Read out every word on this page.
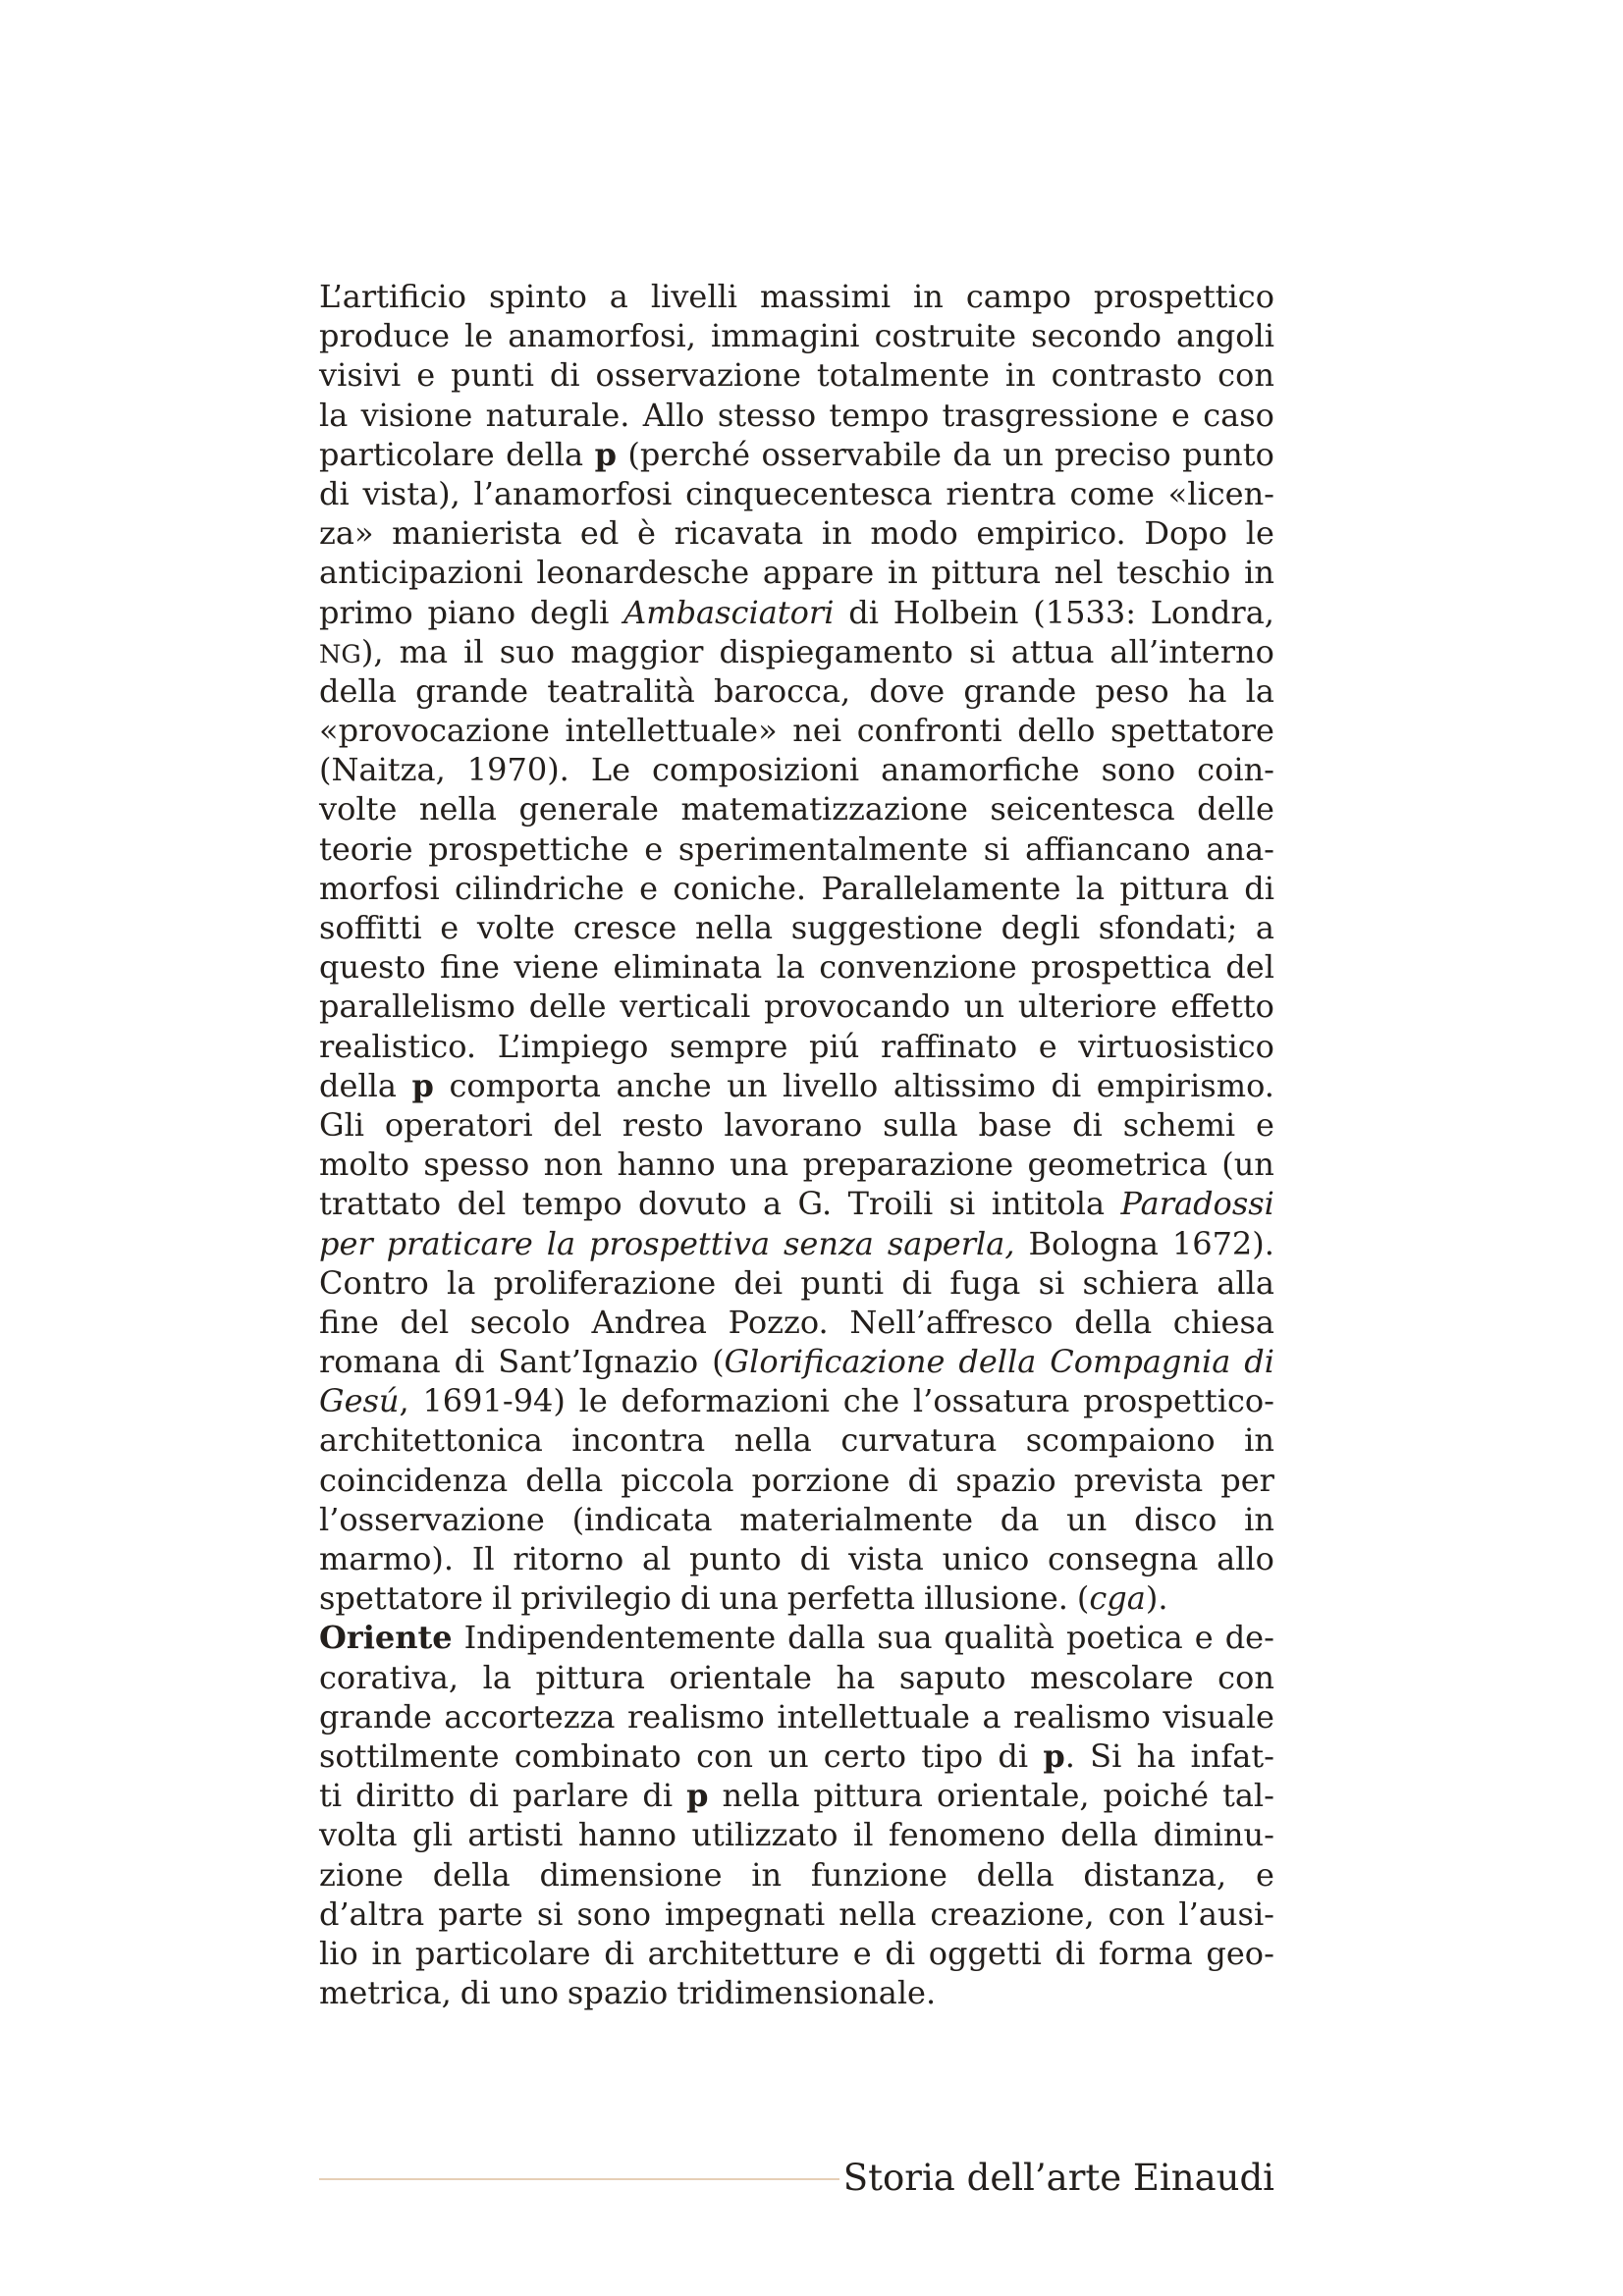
L’artificio spinto a livelli massimi in campo prospettico
produce le anamorfosi, immagini costruite secondo angoli
visivi e punti di osservazione totalmente in contrasto con
la visione naturale. Allo stesso tempo trasgressione e caso
particolare della p (perché osservabile da un preciso punto
di vista), l’anamorfosi cinquecentesca rientra come «licen-
za» manierista ed è ricavata in modo empirico. Dopo le
anticipazioni leonardesche appare in pittura nel teschio in
primo piano degli Ambasciatori di Holbein (1533: Londra,
NG), ma il suo maggior dispiegamento si attua all’interno
della grande teatralità barocca, dove grande peso ha la
«provocazione intellettuale» nei confronti dello spettatore
(Naitza, 1970). Le composizioni anamorfiche sono coin-
volte nella generale matematizzazione seicentesca delle
teorie prospettiche e sperimentalmente si affiancano ana-
morfosi cilindriche e coniche. Parallelamente la pittura di
soffitti e volte cresce nella suggestione degli sfondati; a
questo fine viene eliminata la convenzione prospettica del
parallelismo delle verticali provocando un ulteriore effetto
realistico. L’impiego sempre piú raffinato e virtuosistico
della p comporta anche un livello altissimo di empirismo.
Gli operatori del resto lavorano sulla base di schemi e
molto spesso non hanno una preparazione geometrica (un
trattato del tempo dovuto a G. Troili si intitola Paradossi
per praticare la prospettiva senza saperla, Bologna 1672).
Contro la proliferazione dei punti di fuga si schiera alla
fine del secolo Andrea Pozzo. Nell’affresco della chiesa
romana di Sant’Ignazio (Glorificazione della Compagnia di
Gesú, 1691-94) le deformazioni che l’ossatura prospettico-
architettonica incontra nella curvatura scompaiono in
coincidenza della piccola porzione di spazio prevista per
l’osservazione (indicata materialmente da un disco in
marmo). Il ritorno al punto di vista unico consegna allo
spettatore il privilegio di una perfetta illusione. (cga).
Oriente Indipendentemente dalla sua qualità poetica e de-
corativa, la pittura orientale ha saputo mescolare con
grande accortezza realismo intellettuale a realismo visuale
sottilmente combinato con un certo tipo di p. Si ha infat-
ti diritto di parlare di p nella pittura orientale, poiché tal-
volta gli artisti hanno utilizzato il fenomeno della diminu-
zione della dimensione in funzione della distanza, e
d’altra parte si sono impegnati nella creazione, con l’ausi-
lio in particolare di architetture e di oggetti di forma geo-
metrica, di uno spazio tridimensionale.
Storia dell’arte Einaudi
